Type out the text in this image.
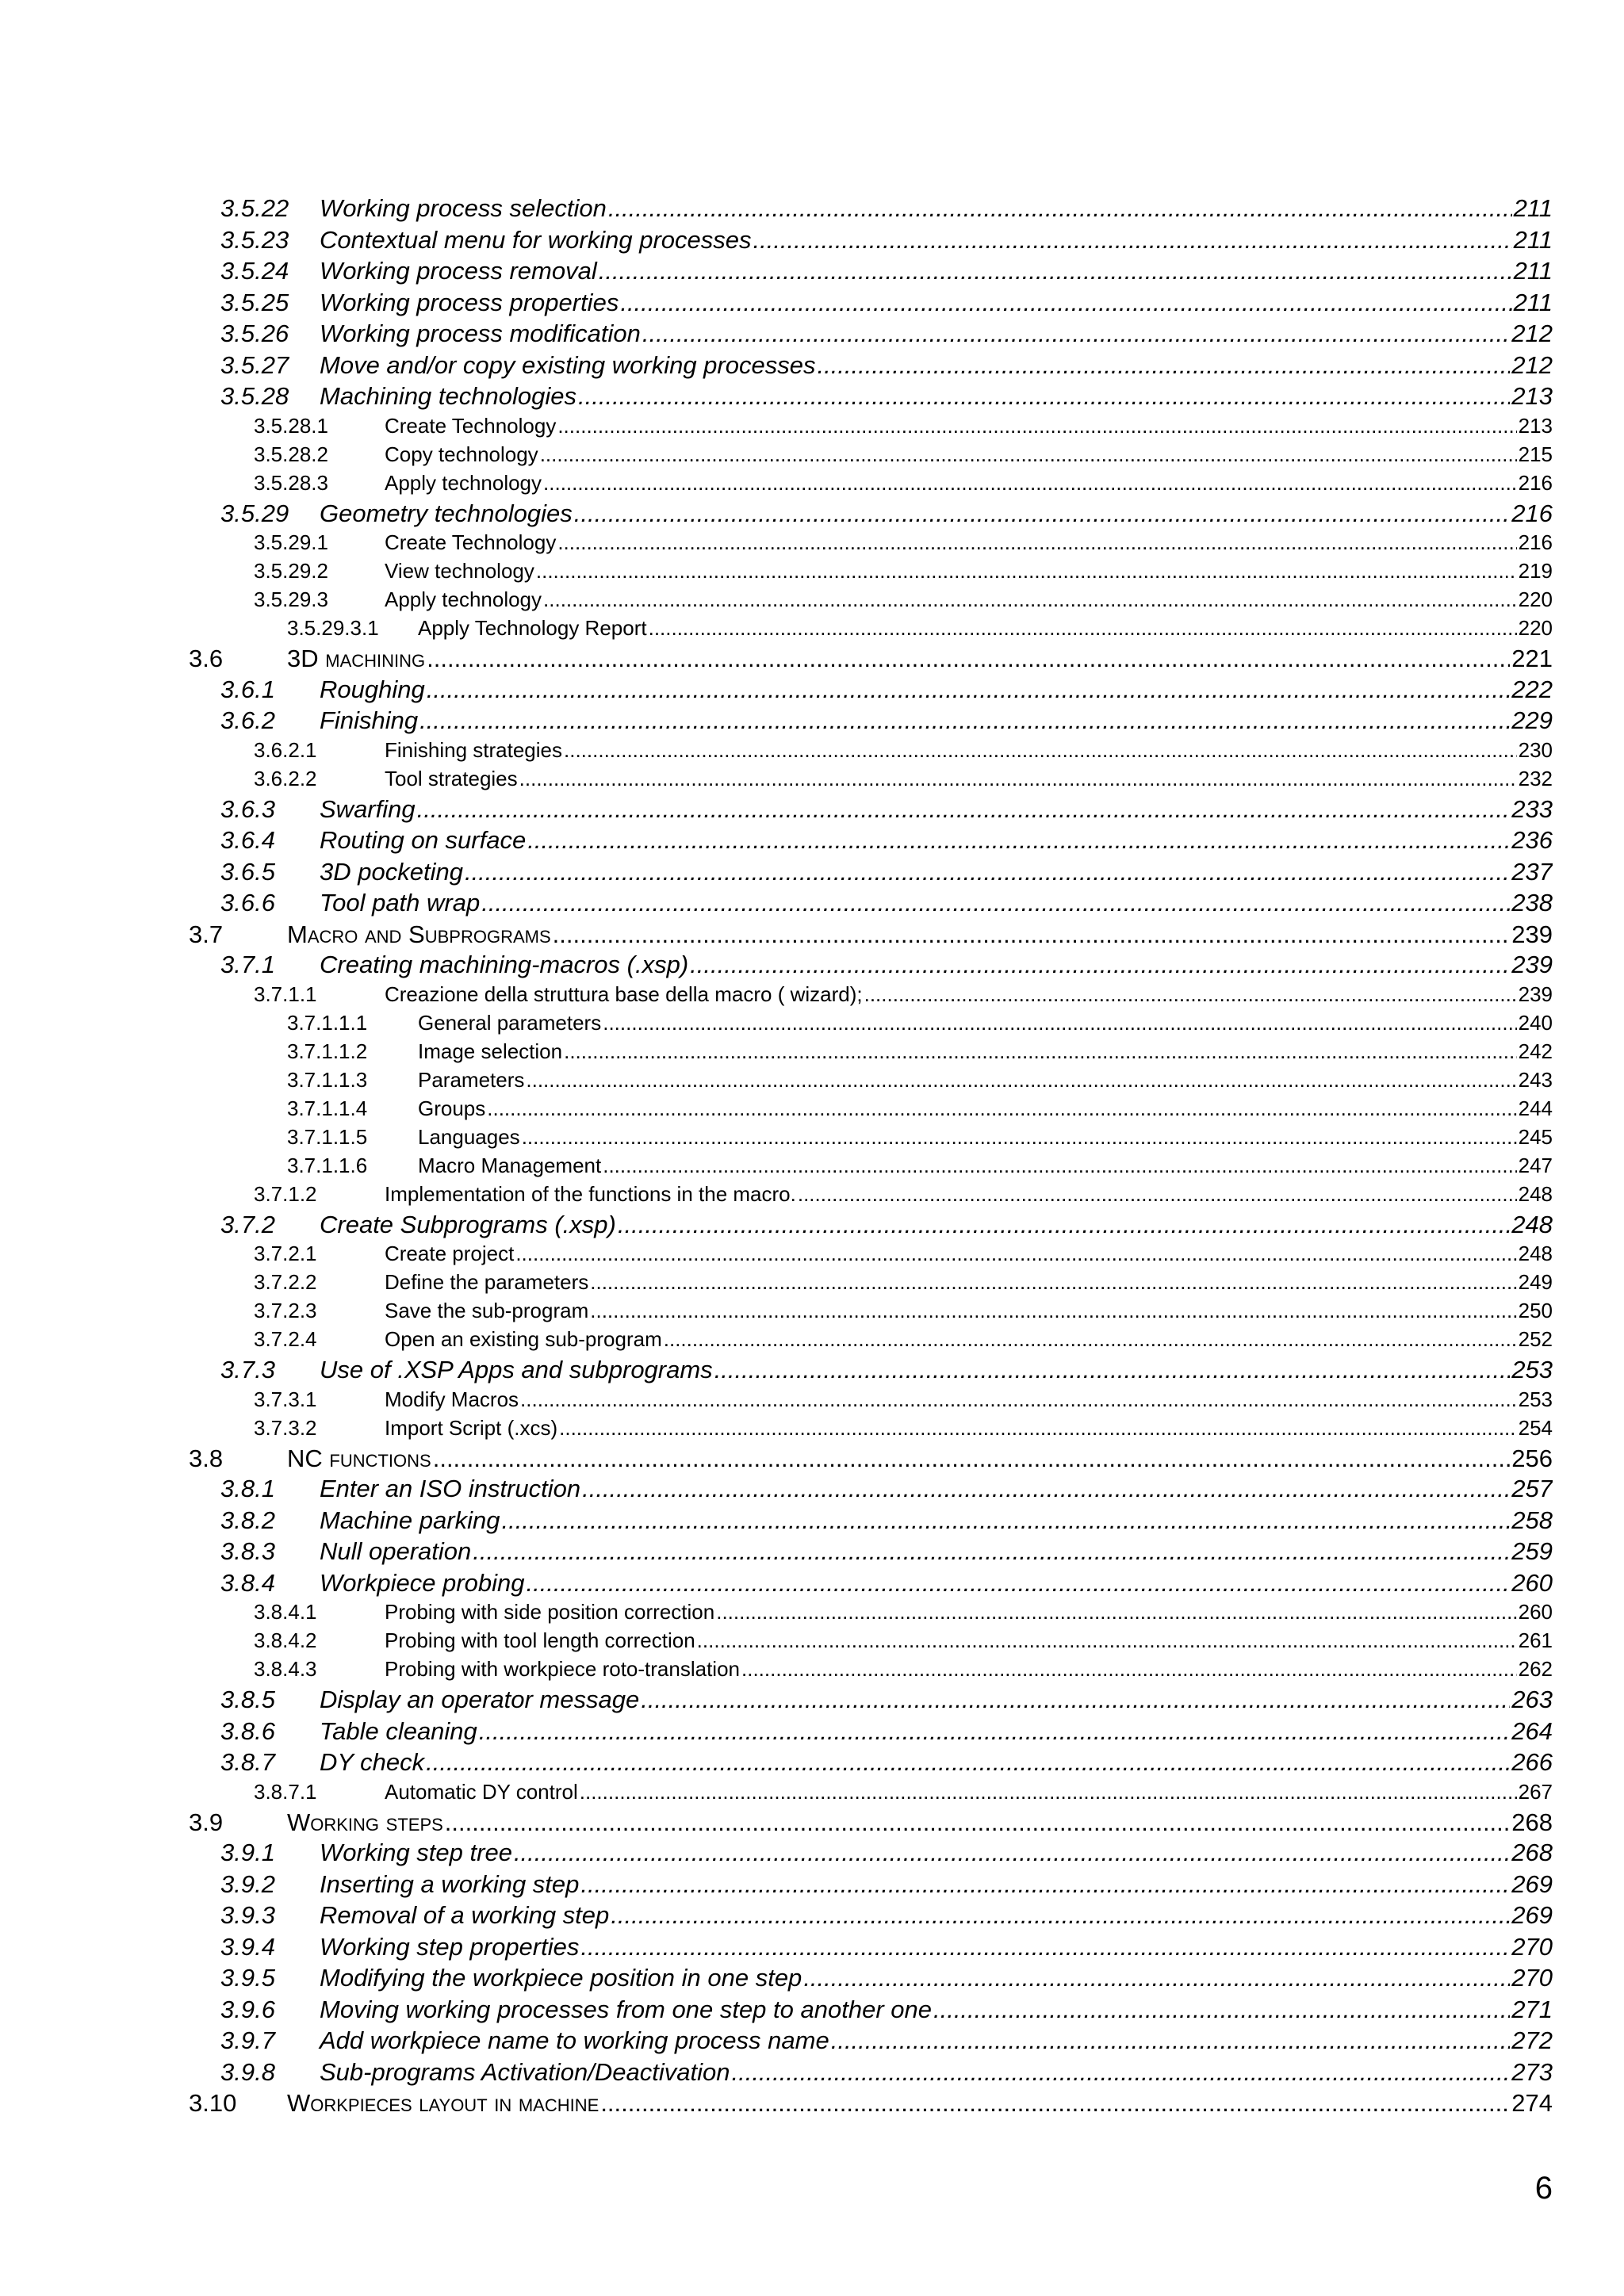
3.5.22	Working process selection .....	211
3.5.23	Contextual menu for working processes .....	211
3.5.24	Working process removal .....	211
3.5.25	Working process properties .....	211
3.5.26	Working process modification .....	212
3.5.27	Move and/or copy existing working processes .....	212
3.5.28	Machining technologies .....	213
3.5.28.1	Create Technology .....	213
3.5.28.2	Copy technology .....	215
3.5.28.3	Apply technology .....	216
3.5.29	Geometry technologies .....	216
3.5.29.1	Create Technology .....	216
3.5.29.2	View technology .....	219
3.5.29.3	Apply technology .....	220
3.5.29.3.1	Apply Technology Report .....	220
3.6	3D machining .....	221
3.6.1	Roughing .....	222
3.6.2	Finishing .....	229
3.6.2.1	Finishing strategies .....	230
3.6.2.2	Tool strategies .....	232
3.6.3	Swarfing .....	233
3.6.4	Routing on surface .....	236
3.6.5	3D pocketing .....	237
3.6.6	Tool path wrap .....	238
3.7	Macro and Subprograms .....	239
3.7.1	Creating machining-macros (.xsp) .....	239
3.7.1.1	Creazione della struttura base della macro ( wizard); .....	239
3.7.1.1.1	General parameters .....	240
3.7.1.1.2	Image selection .....	242
3.7.1.1.3	Parameters .....	243
3.7.1.1.4	Groups .....	244
3.7.1.1.5	Languages .....	245
3.7.1.1.6	Macro Management .....	247
3.7.1.2	Implementation of the functions in the macro. .....	248
3.7.2	Create Subprograms (.xsp) .....	248
3.7.2.1	Create project .....	248
3.7.2.2	Define the parameters .....	249
3.7.2.3	Save the sub-program .....	250
3.7.2.4	Open an existing sub-program .....	252
3.7.3	Use of .XSP Apps and subprograms .....	253
3.7.3.1	Modify Macros .....	253
3.7.3.2	Import Script (.xcs) .....	254
3.8	NC functions .....	256
3.8.1	Enter an ISO instruction .....	257
3.8.2	Machine parking .....	258
3.8.3	Null operation .....	259
3.8.4	Workpiece probing .....	260
3.8.4.1	Probing with side position correction .....	260
3.8.4.2	Probing with tool length correction .....	261
3.8.4.3	Probing with workpiece roto-translation .....	262
3.8.5	Display an operator message .....	263
3.8.6	Table cleaning .....	264
3.8.7	DY check .....	266
3.8.7.1	Automatic DY control .....	267
3.9	Working steps .....	268
3.9.1	Working step tree .....	268
3.9.2	Inserting a working step .....	269
3.9.3	Removal of a working step .....	269
3.9.4	Working step properties .....	270
3.9.5	Modifying the workpiece position in one step .....	270
3.9.6	Moving working processes from one step to another one .....	271
3.9.7	Add workpiece name to working process name .....	272
3.9.8	Sub-programs Activation/Deactivation .....	273
3.10	Workpieces layout in machine .....	274
6
